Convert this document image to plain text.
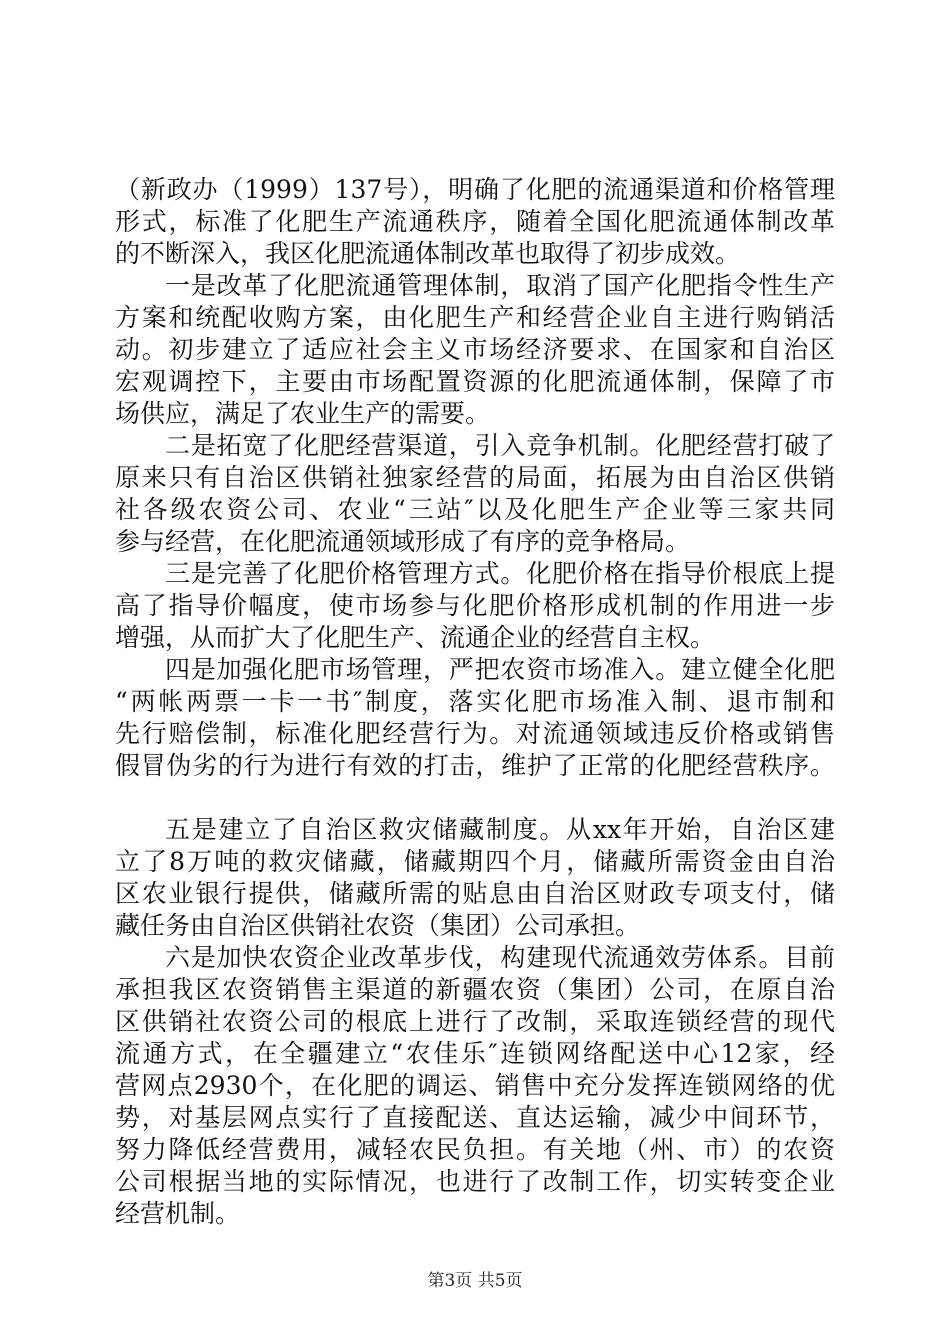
（新政办（1999）137号），明确了化肥的流通渠道和价格管理
形式，标准了化肥生产流通秩序，随着全国化肥流通体制改革
的不断深入，我区化肥流通体制改革也取得了初步成效。
一是改革了化肥流通管理体制，取消了国产化肥指令性生产
方案和统配收购方案，由化肥生产和经营企业自主进行购销活
动。初步建立了适应社会主义市场经济要求、在国家和自治区
宏观调控下，主要由市场配置资源的化肥流通体制，保障了市
场供应，满足了农业生产的需要。
二是拓宽了化肥经营渠道，引入竞争机制。化肥经营打破了
原来只有自治区供销社独家经营的局面，拓展为由自治区供销
社各级农资公司、农业“三站″以及化肥生产企业等三家共同
参与经营，在化肥流通领域形成了有序的竞争格局。
三是完善了化肥价格管理方式。化肥价格在指导价根底上提
高了指导价幅度，使市场参与化肥价格形成机制的作用进一步
增强，从而扩大了化肥生产、流通企业的经营自主权。
四是加强化肥市场管理，严把农资市场准入。建立健全化肥
“两帐两票一卡一书″制度，落实化肥市场准入制、退市制和
先行赔偿制，标准化肥经营行为。对流通领域违反价格或销售
假冒伪劣的行为进行有效的打击，维护了正常的化肥经营秩序。
五是建立了自治区救灾储藏制度。从xx年开始，自治区建
立了8万吨的救灾储藏，储藏期四个月，储藏所需资金由自治
区农业银行提供，储藏所需的贴息由自治区财政专项支付，储
藏任务由自治区供销社农资（集团）公司承担。
六是加快农资企业改革步伐，构建现代流通效劳体系。目前
承担我区农资销售主渠道的新疆农资（集团）公司，在原自治
区供销社农资公司的根底上进行了改制，采取连锁经营的现代
流通方式，在全疆建立“农佳乐″连锁网络配送中心12家，经
营网点2930个，在化肥的调运、销售中充分发挥连锁网络的优
势，对基层网点实行了直接配送、直达运输，减少中间环节，
努力降低经营费用，减轻农民负担。有关地（州、市）的农资
公司根据当地的实际情况，也进行了改制工作，切实转变企业
经营机制。
第3页 共5页
